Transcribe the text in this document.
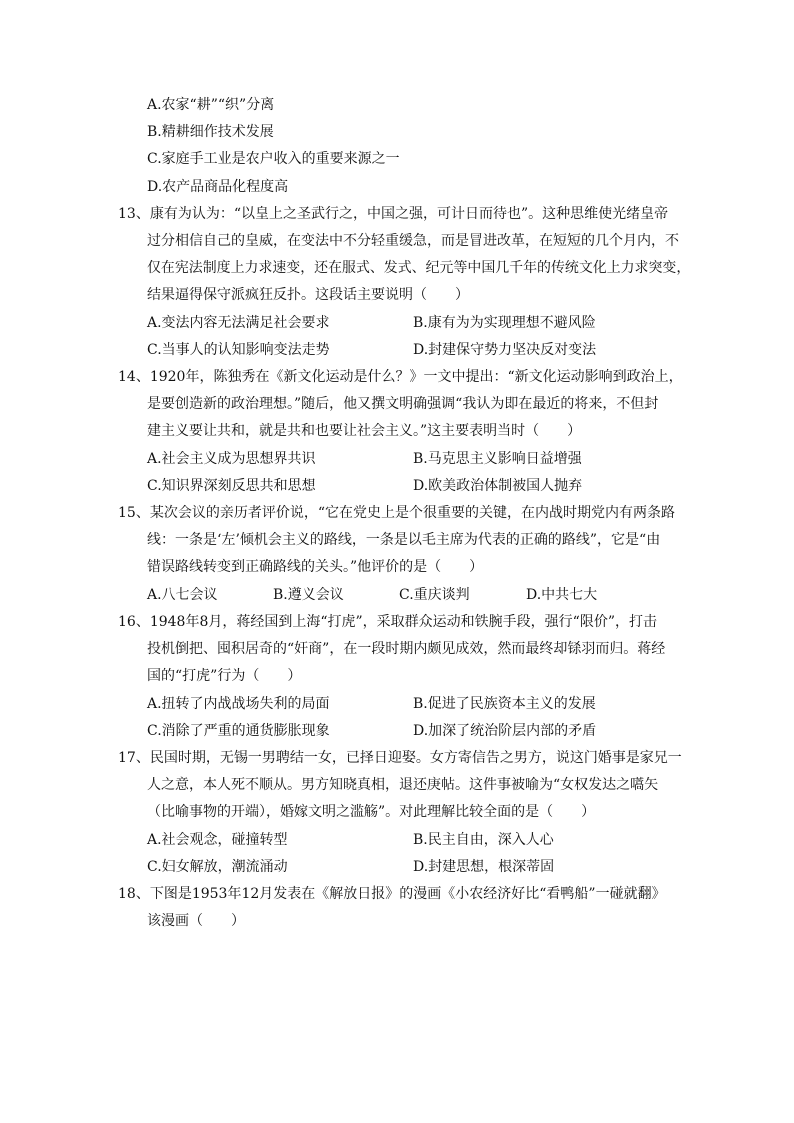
A.农家“耕”“织”分离
B.精耕细作技术发展
C.家庭手工业是农户收入的重要来源之一
D.农产品商品化程度高
13、康有为认为：“以皇上之圣武行之，中国之强，可计日而待也”。这种思维使光绪皇帝
过分相信自己的皇威，在变法中不分轻重缓急，而是冒进改革，在短短的几个月内，不
仅在宪法制度上力求速变，还在服式、发式、纪元等中国几千年的传统文化上力求突变，
结果逼得保守派疯狂反扑。这段话主要说明（　　）
A.变法内容无法满足社会要求	B.康有为为实现理想不避风险
C.当事人的认知影响变法走势	D.封建保守势力坚决反对变法
14、1920年，陈独秀在《新文化运动是什么？》一文中提出：“新文化运动影响到政治上，
是要创造新的政治理想。”随后，他又撰文明确强调“我认为即在最近的将来，不但封
建主义要让共和，就是共和也要让社会主义。”这主要表明当时（　　）
A.社会主义成为思想界共识	B.马克思主义影响日益增强
C.知识界深刻反思共和思想	D.欧美政治体制被国人抛弃
15、某次会议的亲历者评价说，“它在党史上是个很重要的关键，在内战时期党内有两条路
线：一条是‘左’倾机会主义的路线，一条是以毛主席为代表的正确的路线”，它是“由
错误路线转变到正确路线的关头。”他评价的是（　　）
A.八七会议	B.遵义会议	C.重庆谈判	D.中共七大
16、1948年8月，蒋经国到上海“打虎”，采取群众运动和铁腕手段，强行“限价”，打击
投机倒把、囤积居奇的“奸商”，在一段时期内颇见成效，然而最终却铩羽而归。蒋经
国的“打虎”行为（　　）
A.扭转了内战战场失利的局面	B.促进了民族资本主义的发展
C.消除了严重的通货膨胀现象	D.加深了统治阶层内部的矛盾
17、民国时期，无锡一男聘结一女，已择日迎娶。女方寄信告之男方，说这门婚事是家兄一
人之意，本人死不顺从。男方知晓真相，退还庚帖。这件事被喻为“女权发达之嚆矢
（比喻事物的开端），婚嫁文明之滥觞”。对此理解比较全面的是（　　）
A.社会观念，碰撞转型	B.民主自由，深入人心
C.妇女解放，潮流涌动	D.封建思想，根深蒂固
18、下图是1953年12月发表在《解放日报》的漫画《小农经济好比“看鸭船”一碰就翻》
该漫画（　　）
